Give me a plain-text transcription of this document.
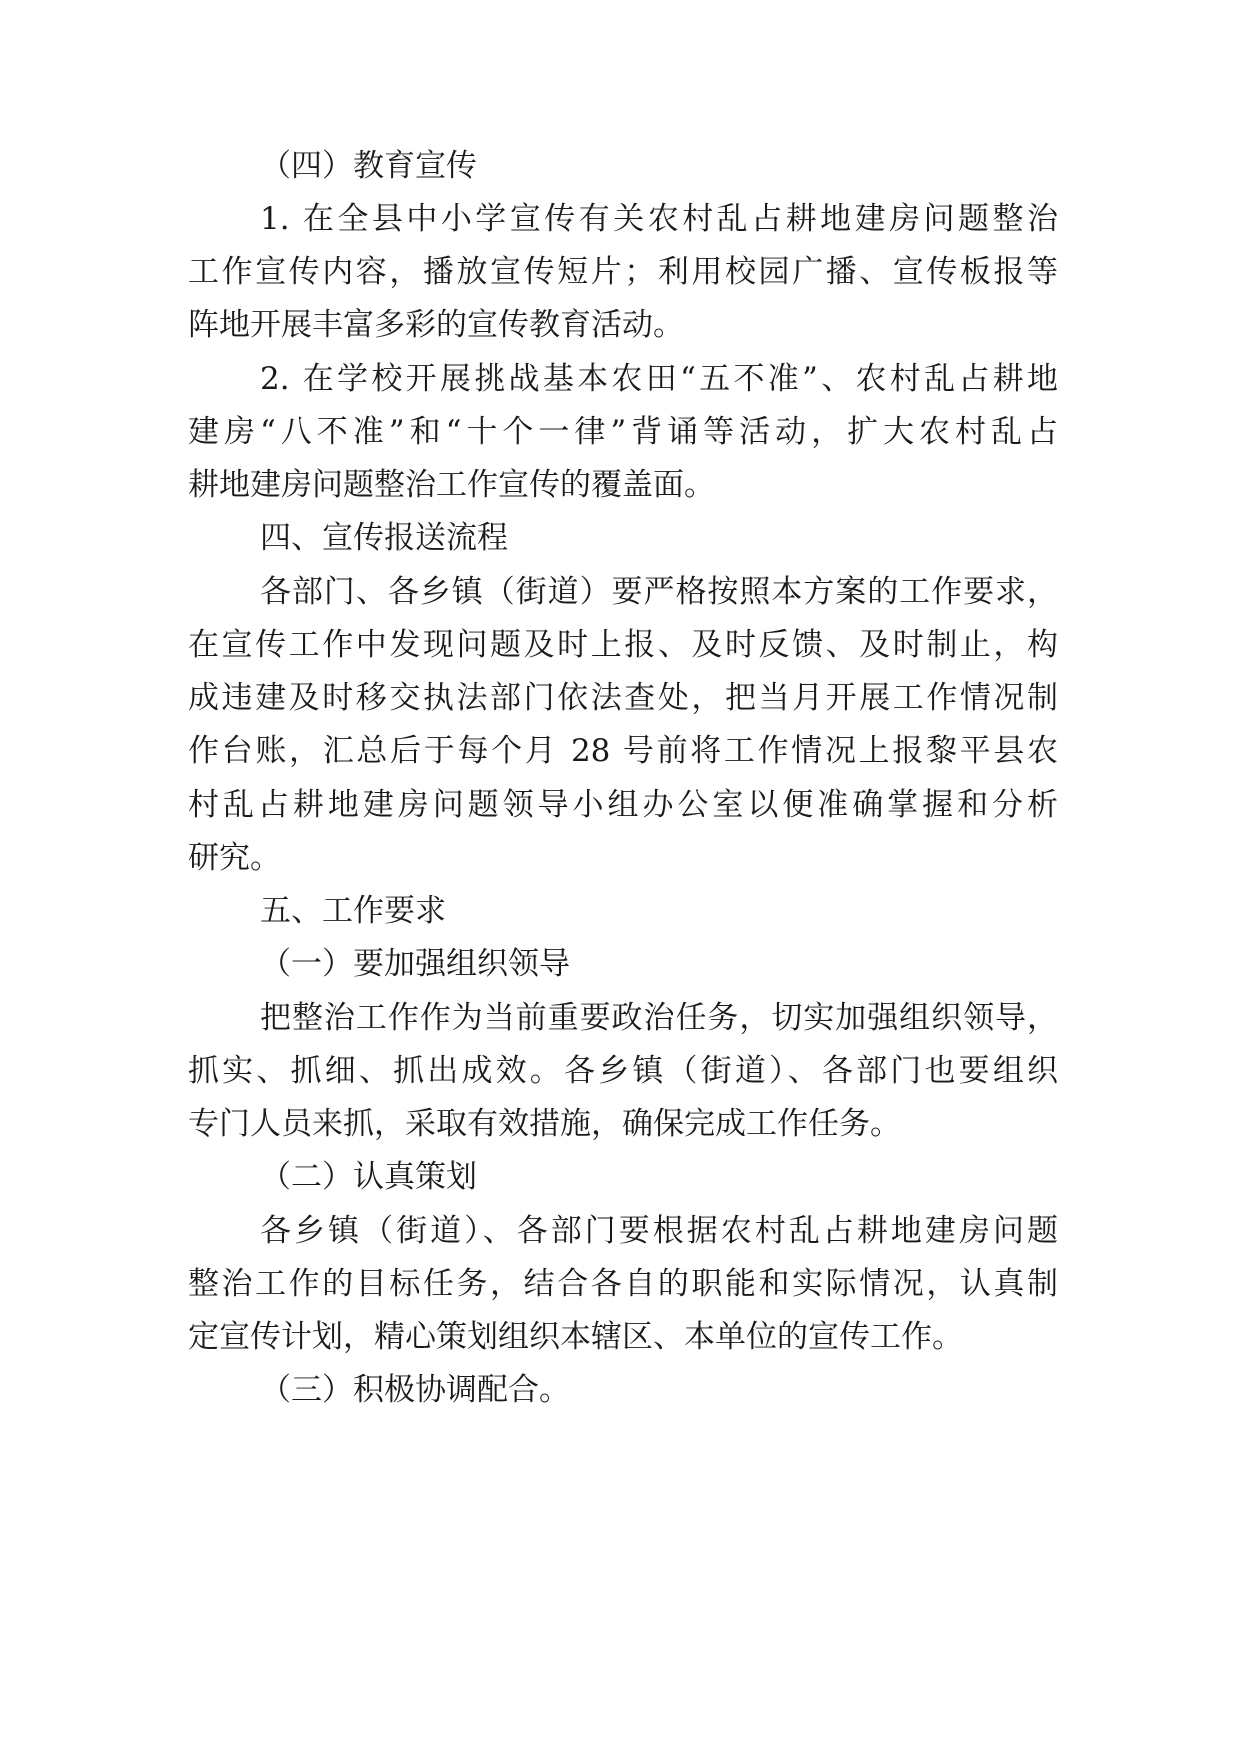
（四）教育宣传
1. 在全县中小学宣传有关农村乱占耕地建房问题整治
工作宣传内容，播放宣传短片；利用校园广播、宣传板报等
阵地开展丰富多彩的宣传教育活动。
2. 在学校开展挑战基本农田“五不准”、农村乱占耕地
建房“八不准”和“十个一律”背诵等活动，扩大农村乱占
耕地建房问题整治工作宣传的覆盖面。
四、宣传报送流程
各部门、各乡镇（街道）要严格按照本方案的工作要求，
在宣传工作中发现问题及时上报、及时反馈、及时制止，构
成违建及时移交执法部门依法查处，把当月开展工作情况制
作台账，汇总后于每个月 28 号前将工作情况上报黎平县农
村乱占耕地建房问题领导小组办公室以便准确掌握和分析
研究。
五、工作要求
（一）要加强组织领导
把整治工作作为当前重要政治任务，切实加强组织领导，
抓实、抓细、抓出成效。各乡镇（街道）、各部门也要组织
专门人员来抓，采取有效措施，确保完成工作任务。
（二）认真策划
各乡镇（街道）、各部门要根据农村乱占耕地建房问题
整治工作的目标任务，结合各自的职能和实际情况，认真制
定宣传计划，精心策划组织本辖区、本单位的宣传工作。
（三）积极协调配合。
